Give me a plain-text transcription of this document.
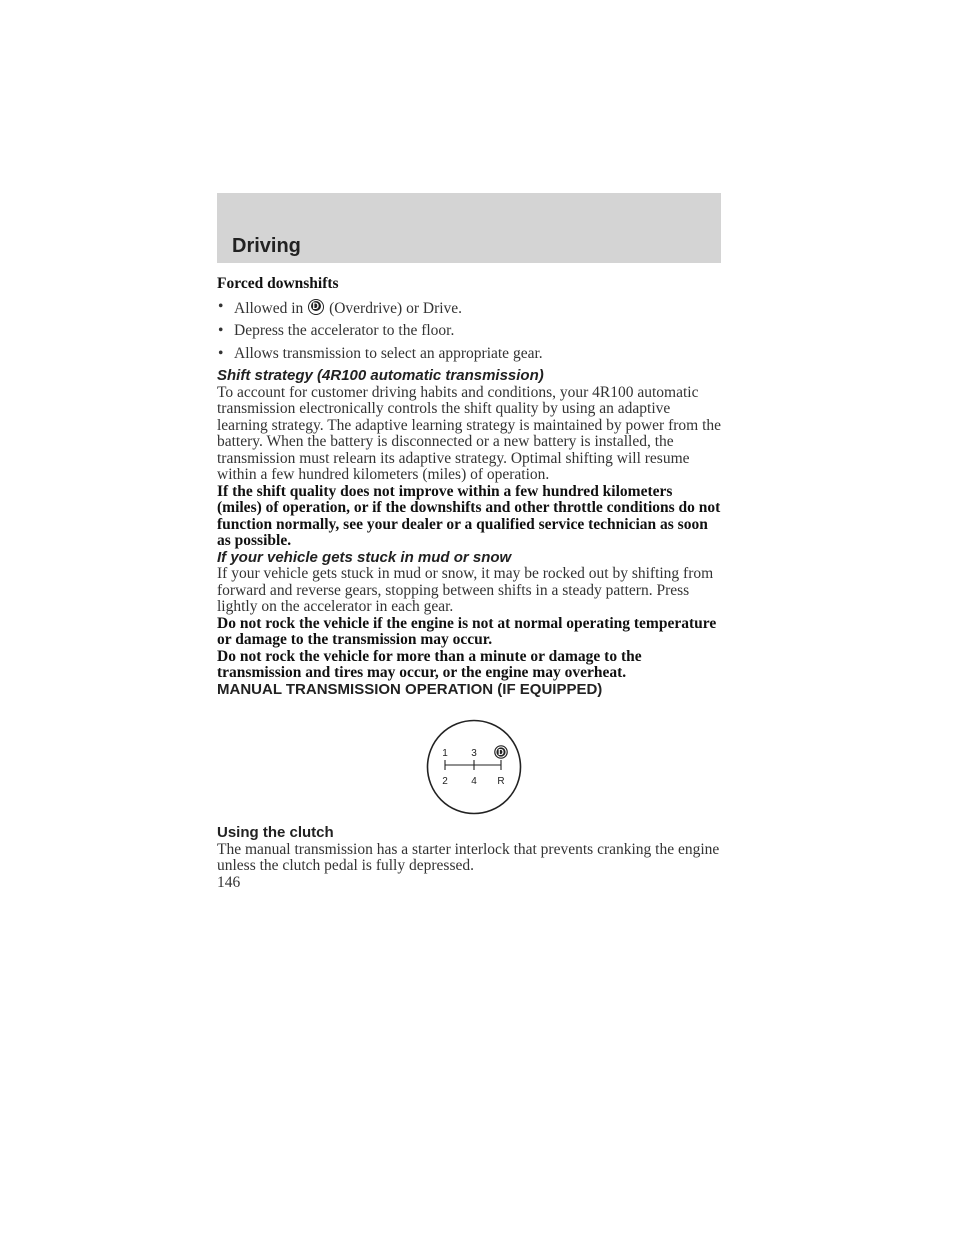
Driving

Forced downshifts

• Allowed in D (Overdrive) or Drive.
• Depress the accelerator to the floor.
• Allows transmission to select an appropriate gear.

Shift strategy (4R100 automatic transmission)

To account for customer driving habits and conditions, your 4R100 automatic transmission electronically controls the shift quality by using an adaptive learning strategy. The adaptive learning strategy is maintained by power from the battery. When the battery is disconnected or a new battery is installed, the transmission must relearn its adaptive strategy. Optimal shifting will resume within a few hundred kilometers (miles) of operation.

If the shift quality does not improve within a few hundred kilometers (miles) of operation, or if the downshifts and other throttle conditions do not function normally, see your dealer or a qualified service technician as soon as possible.

If your vehicle gets stuck in mud or snow

If your vehicle gets stuck in mud or snow, it may be rocked out by shifting from forward and reverse gears, stopping between shifts in a steady pattern. Press lightly on the accelerator in each gear.

Do not rock the vehicle if the engine is not at normal operating temperature or damage to the transmission may occur.

Do not rock the vehicle for more than a minute or damage to the transmission and tires may occur, or the engine may overheat.

MANUAL TRANSMISSION OPERATION (IF EQUIPPED)

1 3	D
2 4 R

Using the clutch

The manual transmission has a starter interlock that prevents cranking the engine unless the clutch pedal is fully depressed.

146
